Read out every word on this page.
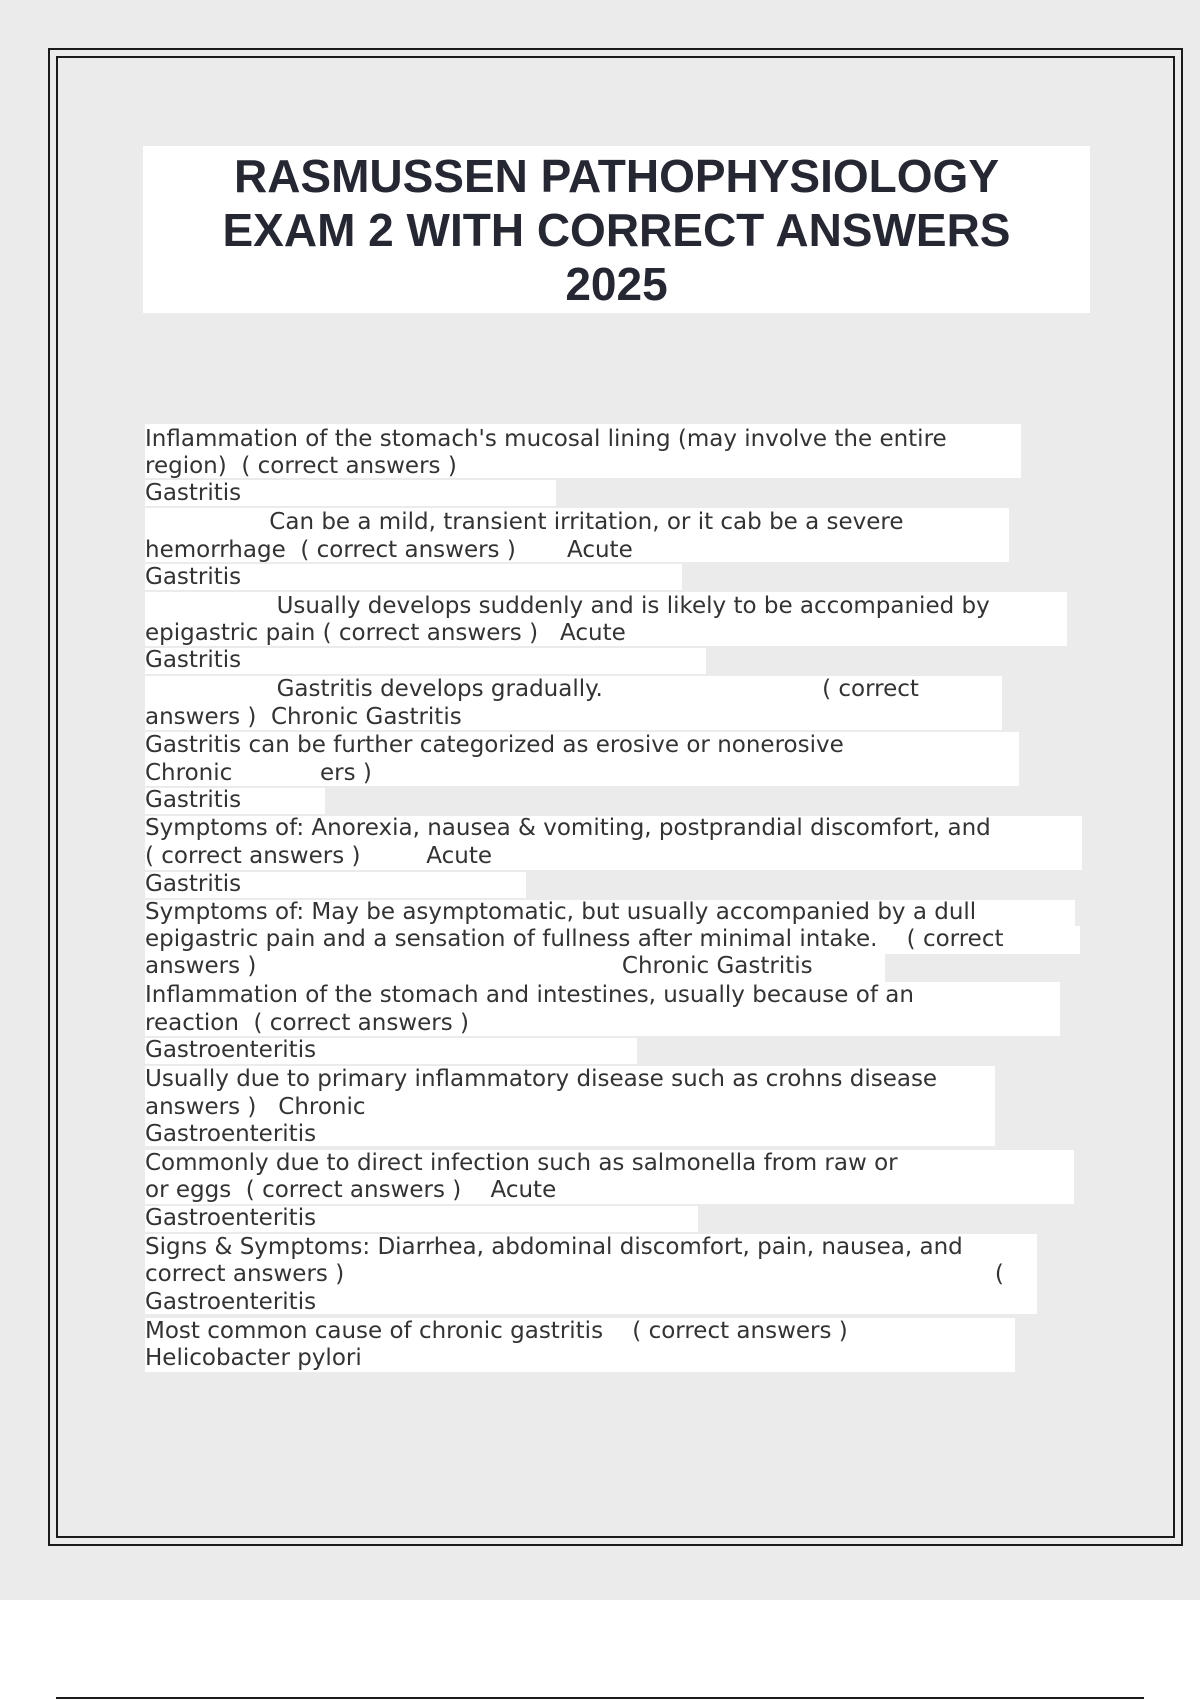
RASMUSSEN PATHOPHYSIOLOGY
EXAM 2 WITH CORRECT ANSWERS
2025
Inflammation of the stomach's mucosal lining (may involve the entire
region)  ( correct answers )
Gastritis
Can be a mild, transient irritation, or it cab be a severe
hemorrhage  ( correct answers )       Acute
Gastritis
Usually develops suddenly and is likely to be accompanied by
epigastric pain ( correct answers )   Acute
Gastritis
Gastritis develops gradually.                              ( correct
answers )  Chronic Gastritis
Gastritis can be further categorized as erosive or nonerosive
Chronic            ers )
Gastritis
Symptoms of: Anorexia, nausea & vomiting, postprandial discomfort, and
( correct answers )         Acute
Gastritis
Symptoms of: May be asymptomatic, but usually accompanied by a dull
epigastric pain and a sensation of fullness after minimal intake.    ( correct
answers )                                                  Chronic Gastritis
Inflammation of the stomach and intestines, usually because of an
reaction  ( correct answers )
Gastroenteritis
Usually due to primary inflammatory disease such as crohns disease
answers )   Chronic
Gastroenteritis
Commonly due to direct infection such as salmonella from raw or
or eggs  ( correct answers )    Acute
Gastroenteritis
Signs & Symptoms: Diarrhea, abdominal discomfort, pain, nausea, and
correct answers )                                                                                         (
Gastroenteritis
Most common cause of chronic gastritis    ( correct answers )
Helicobacter pylori
